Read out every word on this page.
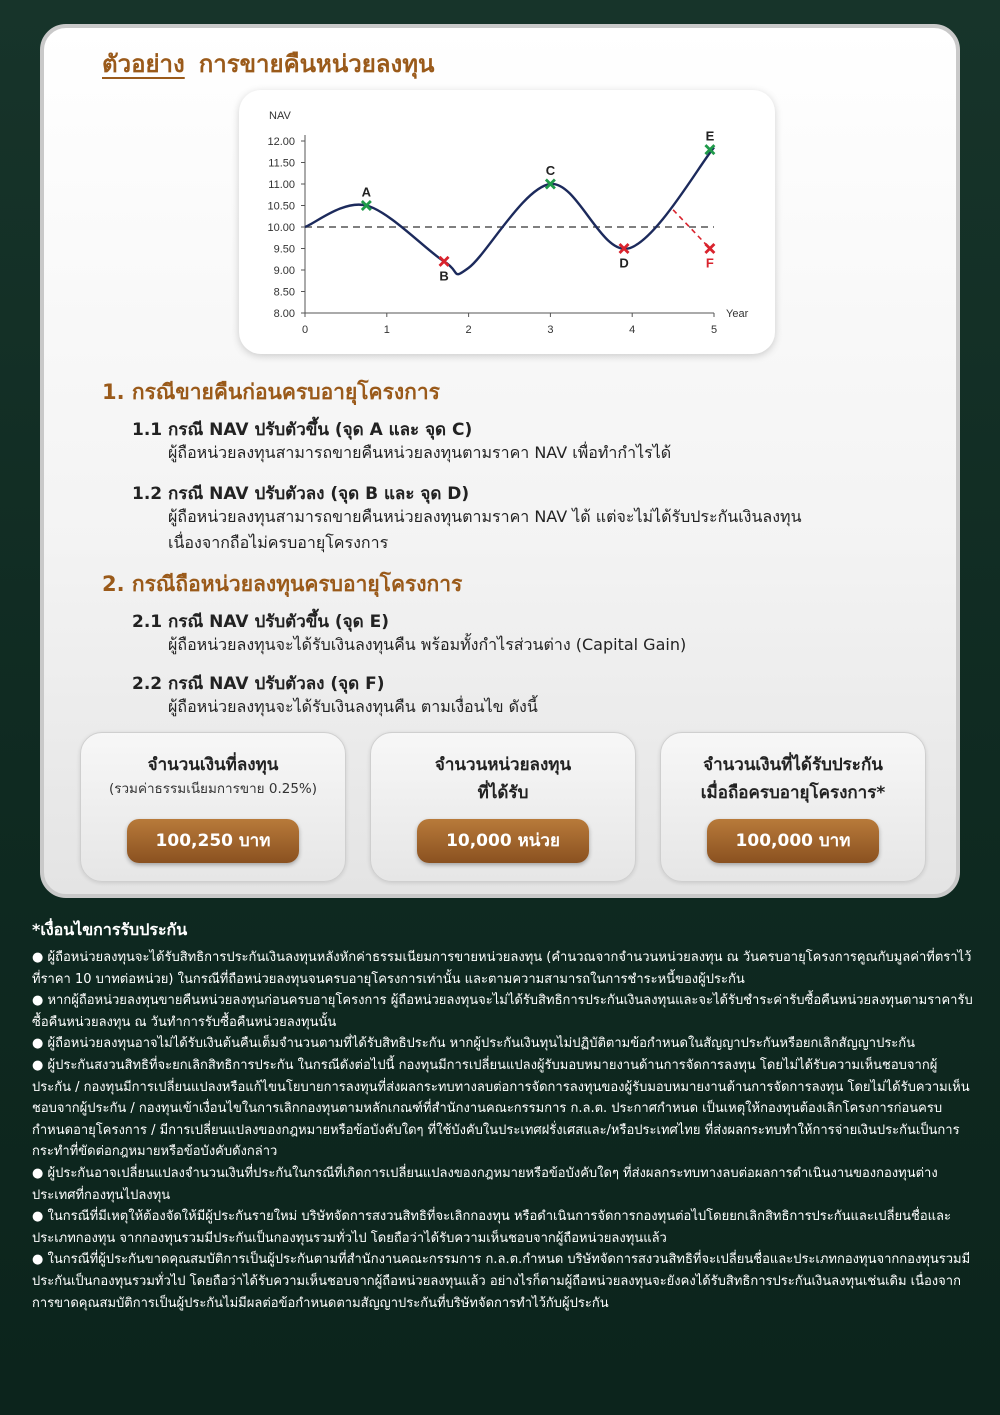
ตัวอย่าง การขายคืนหน่วยลงทุน
NAV
Year
8.00
8.50
9.00
9.50
10.00
10.50
11.00
11.50
12.00
0	1	2	3	4	5
A
B
C
D
E
F
1. กรณีขายคืนก่อนครบอายุโครงการ
1.1 กรณี NAV ปรับตัวขึ้น (จุด A และ จุด C)
ผู้ถือหน่วยลงทุนสามารถขายคืนหน่วยลงทุนตามราคา NAV เพื่อทำกำไรได้
1.2 กรณี NAV ปรับตัวลง (จุด B และ จุด D)
ผู้ถือหน่วยลงทุนสามารถขายคืนหน่วยลงทุนตามราคา NAV ได้ แต่จะไม่ได้รับประกันเงินลงทุน
เนื่องจากถือไม่ครบอายุโครงการ
2. กรณีถือหน่วยลงทุนครบอายุโครงการ
2.1 กรณี NAV ปรับตัวขึ้น (จุด E)
ผู้ถือหน่วยลงทุนจะได้รับเงินลงทุนคืน พร้อมทั้งกำไรส่วนต่าง (Capital Gain)
2.2 กรณี NAV ปรับตัวลง (จุด F)
ผู้ถือหน่วยลงทุนจะได้รับเงินลงทุนคืน ตามเงื่อนไข ดังนี้
จำนวนเงินที่ลงทุน
(รวมค่าธรรมเนียมการขาย 0.25%)
100,250 บาท
จำนวนหน่วยลงทุน
ที่ได้รับ
10,000 หน่วย
จำนวนเงินที่ได้รับประกัน
เมื่อถือครบอายุโครงการ*
100,000 บาท
*เงื่อนไขการรับประกัน

● ผู้ถือหน่วยลงทุนจะได้รับสิทธิการประกันเงินลงทุนหลังหักค่าธรรมเนียมการขายหน่วยลงทุน (คำนวณจากจำนวนหน่วยลงทุน ณ วันครบอายุโครงการคูณกับมูลค่าที่ตราไว้ที่ราคา 10 บาทต่อหน่วย) ในกรณีที่ถือหน่วยลงทุนจนครบอายุโครงการเท่านั้น และตามความสามารถในการชำระหนี้ของผู้ประกัน

● หากผู้ถือหน่วยลงทุนขายคืนหน่วยลงทุนก่อนครบอายุโครงการ ผู้ถือหน่วยลงทุนจะไม่ได้รับสิทธิการประกันเงินลงทุนและจะได้รับชำระค่ารับซื้อคืนหน่วยลงทุนตามราคารับซื้อคืนหน่วยลงทุน ณ วันทำการรับซื้อคืนหน่วยลงทุนนั้น

● ผู้ถือหน่วยลงทุนอาจไม่ได้รับเงินต้นคืนเต็มจำนวนตามที่ได้รับสิทธิประกัน หากผู้ประกันเงินทุนไม่ปฏิบัติตามข้อกำหนดในสัญญาประกันหรือยกเลิกสัญญาประกัน

● ผู้ประกันสงวนสิทธิที่จะยกเลิกสิทธิการประกัน ในกรณีดังต่อไปนี้ กองทุนมีการเปลี่ยนแปลงผู้รับมอบหมายงานด้านการจัดการลงทุน โดยไม่ได้รับความเห็นชอบจากผู้ประกัน / กองทุนมีการเปลี่ยนแปลงหรือแก้ไขนโยบายการลงทุนที่ส่งผลกระทบทางลบต่อการจัดการลงทุนของผู้รับมอบหมายงานด้านการจัดการลงทุน โดยไม่ได้รับความเห็นชอบจากผู้ประกัน / กองทุนเข้าเงื่อนไขในการเลิกกองทุนตามหลักเกณฑ์ที่สำนักงานคณะกรรมการ ก.ล.ต. ประกาศกำหนด เป็นเหตุให้กองทุนต้องเลิกโครงการก่อนครบกำหนดอายุโครงการ / มีการเปลี่ยนแปลงของกฎหมายหรือข้อบังคับใดๆ ที่ใช้บังคับในประเทศฝรั่งเศสและ/หรือประเทศไทย ที่ส่งผลกระทบทำให้การจ่ายเงินประกันเป็นการกระทำที่ขัดต่อกฎหมายหรือข้อบังคับดังกล่าว

● ผู้ประกันอาจเปลี่ยนแปลงจำนวนเงินที่ประกันในกรณีที่เกิดการเปลี่ยนแปลงของกฎหมายหรือข้อบังคับใดๆ ที่ส่งผลกระทบทางลบต่อผลการดำเนินงานของกองทุนต่างประเทศที่กองทุนไปลงทุน

● ในกรณีที่มีเหตุให้ต้องจัดให้มีผู้ประกันรายใหม่ บริษัทจัดการสงวนสิทธิที่จะเลิกกองทุน หรือดำเนินการจัดการกองทุนต่อไปโดยยกเลิกสิทธิการประกันและเปลี่ยนชื่อและประเภทกองทุน จากกองทุนรวมมีประกันเป็นกองทุนรวมทั่วไป โดยถือว่าได้รับความเห็นชอบจากผู้ถือหน่วยลงทุนแล้ว

● ในกรณีที่ผู้ประกันขาดคุณสมบัติการเป็นผู้ประกันตามที่สำนักงานคณะกรรมการ ก.ล.ต.กำหนด บริษัทจัดการสงวนสิทธิที่จะเปลี่ยนชื่อและประเภทกองทุนจากกองทุนรวมมีประกันเป็นกองทุนรวมทั่วไป โดยถือว่าได้รับความเห็นชอบจากผู้ถือหน่วยลงทุนแล้ว อย่างไรก็ตามผู้ถือหน่วยลงทุนจะยังคงได้รับสิทธิการประกันเงินลงทุนเช่นเดิม เนื่องจากการขาดคุณสมบัติการเป็นผู้ประกันไม่มีผลต่อข้อกำหนดตามสัญญาประกันที่บริษัทจัดการทำไว้กับผู้ประกัน
